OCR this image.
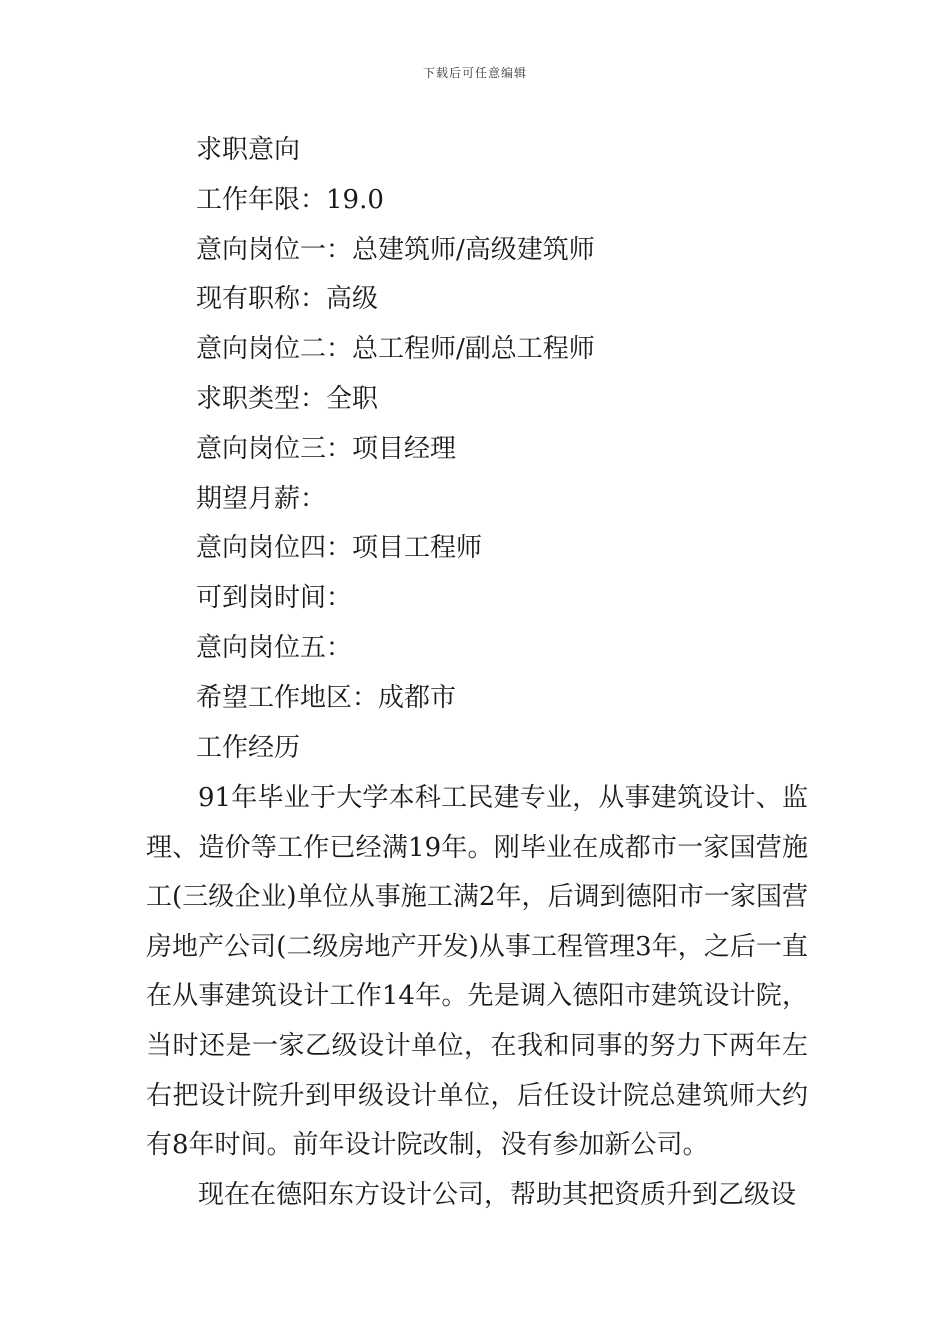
下载后可任意编辑
求职意向
工作年限：19.0
意向岗位一：总建筑师/高级建筑师
现有职称：高级
意向岗位二：总工程师/副总工程师
求职类型：全职
意向岗位三：项目经理
期望月薪：
意向岗位四：项目工程师
可到岗时间：
意向岗位五：
希望工作地区：成都市
工作经历

91年毕业于大学本科工民建专业，从事建筑设计、监理、造价等工作已经满19年。刚毕业在成都市一家国营施工(三级企业)单位从事施工满2年，后调到德阳市一家国营房地产公司(二级房地产开发)从事工程管理3年，之后一直在从事建筑设计工作14年。先是调入德阳市建筑设计院，当时还是一家乙级设计单位，在我和同事的努力下两年左右把设计院升到甲级设计单位，后任设计院总建筑师大约有8年时间。前年设计院改制，没有参加新公司。

现在在德阳东方设计公司，帮助其把资质升到乙级设
